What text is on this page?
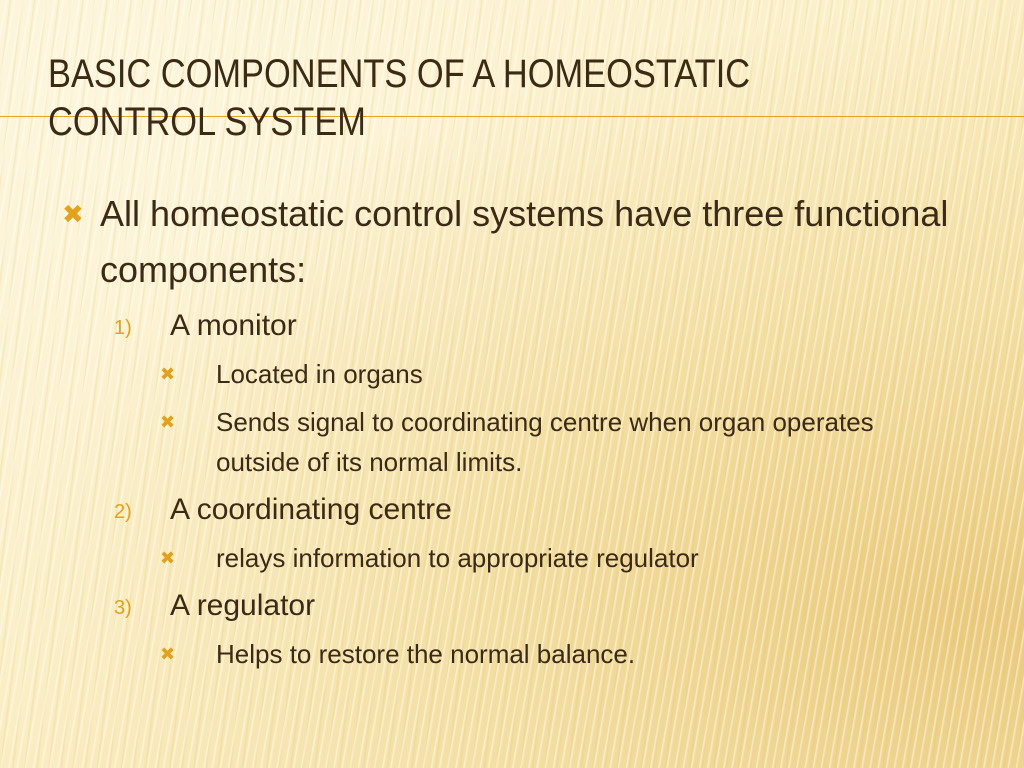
BASIC COMPONENTS OF A HOMEOSTATIC
CONTROL SYSTEM
✖ All homeostatic control systems have three functional components:
1) A monitor
✖ Located in organs
✖ Sends signal to coordinating centre when organ operates outside of its normal limits.
2) A coordinating centre
✖ relays information to appropriate regulator
3) A regulator
✖ Helps to restore the normal balance.
